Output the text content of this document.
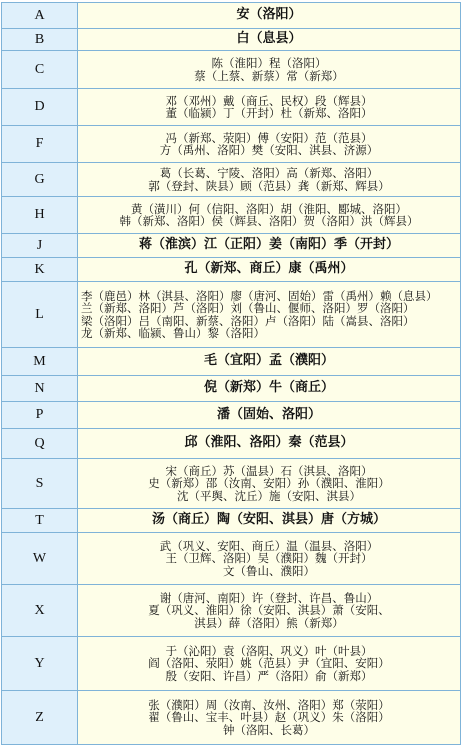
A	安（洛阳）

B	白（息县）

C	陈（淮阳）程（洛阳）
蔡（上蔡、新蔡）常（新郑）

D	邓（邓州）戴（商丘、民权）段（辉县）
董（临颍）丁（开封）杜（新郑、洛阳）

F	冯（新郑、荥阳）傅（安阳）范（范县）
方（禹州、洛阳）樊（安阳、淇县、济源）

G	葛（长葛、宁陵、洛阳）高（新郑、洛阳）
郭（登封、陕县）顾（范县）龚（新郑、辉县）

H	黄（潢川）何（信阳、洛阳）胡（淮阳、郾城、洛阳）
韩（新郑、洛阳）侯（辉县、洛阳）贺（洛阳）洪（辉县）

J	蒋（淮滨）江（正阳）姜（南阳）季（开封）

K	孔（新郑、商丘）康（禹州）

L	李（鹿邑）林（淇县、洛阳）廖（唐河、固始）雷（禹州）赖（息县）
兰（新郑、洛阳）芦（洛阳）刘（鲁山、偃师、洛阳）罗（洛阳）
梁（洛阳）吕（南阳、新蔡、洛阳）卢（洛阳）陆（嵩县、洛阳）
龙（新郑、临颍、鲁山）黎（洛阳）

M	毛（宜阳）孟（濮阳）

N	倪（新郑）牛（商丘）

P	潘（固始、洛阳）

Q	邱（淮阳、洛阳）秦（范县）

S	宋（商丘）苏（温县）石（淇县、洛阳）
史（新郑）邵（汝南、安阳）孙（濮阳、淮阳）
沈（平舆、沈丘）施（安阳、淇县）

T	汤（商丘）陶（安阳、淇县）唐（方城）

W	武（巩义、安阳、商丘）温（温县、洛阳）
王（卫辉、洛阳）吴（濮阳）魏（开封）
文（鲁山、濮阳）

X	谢（唐河、南阳）许（登封、许昌、鲁山）
夏（巩义、淮阳）徐（安阳、淇县）萧（安阳、
淇县）薛（洛阳）熊（新郑）

Y	于（沁阳）袁（洛阳、巩义）叶（叶县）
阎（洛阳、荥阳）姚（范县）尹（宜阳、安阳）
殷（安阳、许昌）严（洛阳）俞（新郑）

Z	张（濮阳）周（汝南、汝州、洛阳）郑（荥阳）
翟（鲁山、宝丰、叶县）赵（巩义）朱（洛阳）
钟（洛阳、长葛）
